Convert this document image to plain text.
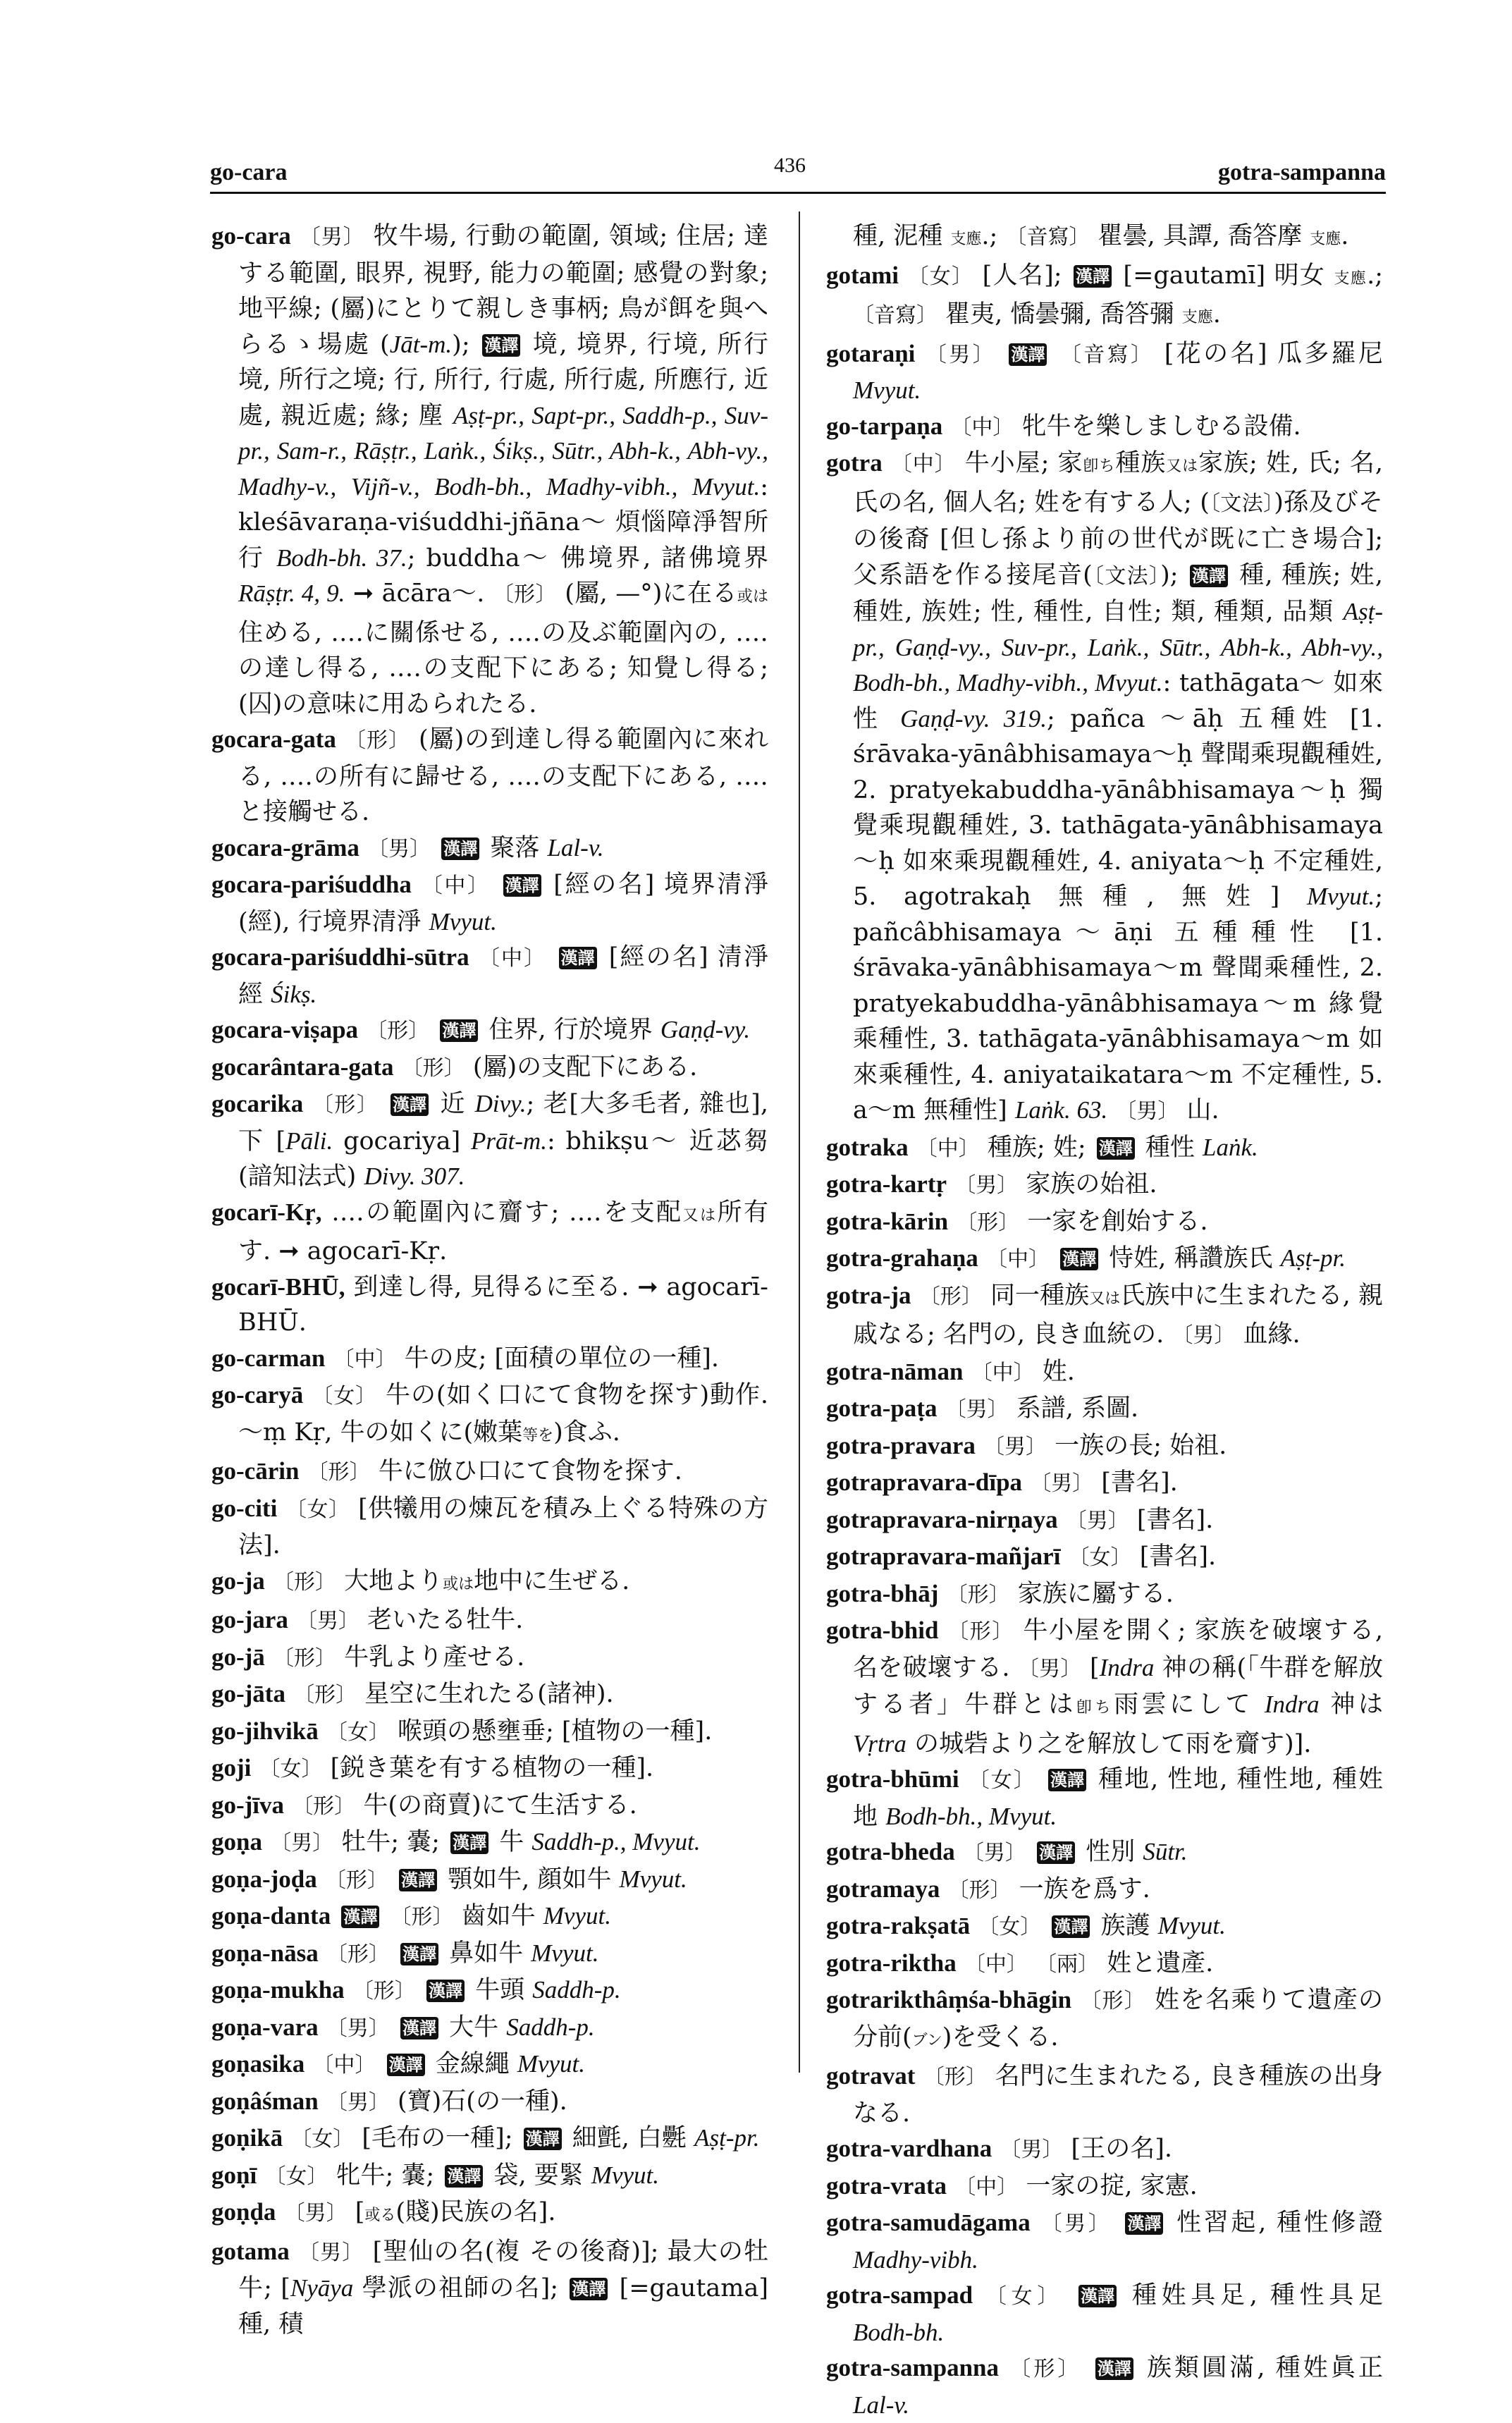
go-cara	436	gotra-sampanna

go-cara 〔男〕 牧牛場, 行動の範圍, 領域; 住居; 達する範圍, 眼界, 視野, 能力の範圍; 感覺の對象; 地平線; (屬)にとりて親しき事柄; 鳥が餌を與へらるゝ場處 (Jāt-m.); 漢譯 境, 境界, 行境, 所行境, 所行之境; 行, 所行, 行處, 所行處, 所應行, 近處, 親近處; 緣; 塵 Aṣṭ-pr., Sapt-pr., Saddh-p., Suv-pr., Sam-r., Rāṣṭr., Laṅk., Śikṣ., Sūtr., Abh-k., Abh-vy., Madhy-v., Vijñ-v., Bodh-bh., Madhy-vibh., Mvyut.: kleśāvaraṇa-viśuddhi-jñāna～ 煩惱障淨智所行 Bodh-bh. 37.; buddha～ 佛境界, 諸佛境界 Rāṣṭr. 4, 9. ➞ ācāra～. 〔形〕 (屬, —°)に在る或は住める, ‥‥に關係せる, ‥‥の及ぶ範圍內の, ‥‥の達し得る, ‥‥の支配下にある; 知覺し得る; (囚)の意味に用ゐられたる.

gocara-gata 〔形〕 (屬)の到達し得る範圍內に來れる, ‥‥の所有に歸せる, ‥‥の支配下にある, ‥‥と接觸せる.

gocara-grāma 〔男〕 漢譯 聚落 Lal-v.

gocara-pariśuddha 〔中〕 漢譯 [經の名] 境界清淨(經), 行境界清淨 Mvyut.

gocara-pariśuddhi-sūtra 〔中〕 漢譯 [經の名] 清淨經 Śikṣ.

gocara-viṣapa 〔形〕 漢譯 住界, 行於境界 Gaṇḍ-vy.

gocarântara-gata 〔形〕 (屬)の支配下にある.

gocarika 〔形〕 漢譯 近 Divy.; 老[大多毛者, 雜也], 下 [Pāli. gocariya] Prāt-m.: bhikṣu～ 近苾芻 (諳知法式) Divy. 307.

gocarī-Kṛ, ‥‥の範圍內に齎す; ‥‥を支配又は所有す. ➞ agocarī-Kṛ.

gocarī-BHŪ, 到達し得, 見得るに至る. ➞ agocarī-BHŪ.

go-carman 〔中〕 牛の皮; [面積の單位の一種].

go-caryā 〔女〕 牛の(如く口にて食物を探す)動作. ～ṃ Kṛ, 牛の如くに(嫩葉等を)食ふ.

go-cārin 〔形〕 牛に倣ひ口にて食物を探す.

go-citi 〔女〕 [供犧用の煉瓦を積み上ぐる特殊の方法].

go-ja 〔形〕 大地より或は地中に生ぜる.

go-jara 〔男〕 老いたる牡牛.

go-jā 〔形〕 牛乳より產せる.

go-jāta 〔形〕 星空に生れたる(諸神).

go-jihvikā 〔女〕 喉頭の懸壅垂; [植物の一種].

goji 〔女〕 [鋭き葉を有する植物の一種].

go-jīva 〔形〕 牛(の商賣)にて生活する.

goṇa 〔男〕 牡牛; 嚢; 漢譯 牛 Saddh-p., Mvyut.

goṇa-joḍa 〔形〕 漢譯 顎如牛, 顔如牛 Mvyut.

goṇa-danta 漢譯 〔形〕 齒如牛 Mvyut.

goṇa-nāsa 〔形〕 漢譯 鼻如牛 Mvyut.

goṇa-mukha 〔形〕 漢譯 牛頭 Saddh-p.

goṇa-vara 〔男〕 漢譯 大牛 Saddh-p.

goṇasika 〔中〕 漢譯 金線繩 Mvyut.

goṇâśman 〔男〕 (寶)石(の一種).

goṇikā 〔女〕 [毛布の一種]; 漢譯 細氈, 白氎 Aṣṭ-pr.

goṇī 〔女〕 牝牛; 嚢; 漢譯 袋, 要緊 Mvyut.

goṇḍa 〔男〕 [或る(賤)民族の名].

gotama 〔男〕 [聖仙の名(複 その後裔)]; 最大の牡牛; [Nyāya 學派の祖師の名]; 漢譯 [=gautama] 種, 積

種, 泥種 支應.; 〔音寫〕 瞿曇, 具譚, 喬答摩 支應.

gotami 〔女〕 [人名]; 漢譯 [=gautamī] 明女 支應.; 〔音寫〕 瞿夷, 憍曇彌, 喬答彌 支應.

gotaraṇi 〔男〕 漢譯 〔音寫〕 [花の名] 瓜多羅尼 Mvyut.

go-tarpaṇa 〔中〕 牝牛を樂しましむる設備.

gotra 〔中〕 牛小屋; 家卽ち種族又は家族; 姓, 氏; 名, 氏の名, 個人名; 姓を有する人; (〔文法〕)孫及びその後裔 [但し孫より前の世代が既に亡き場合]; 父系語を作る接尾音(〔文法〕); 漢譯 種, 種族; 姓, 種姓, 族姓; 性, 種性, 自性; 類, 種類, 品類 Aṣṭ-pr., Gaṇḍ-vy., Suv-pr., Laṅk., Sūtr., Abh-k., Abh-vy., Bodh-bh., Madhy-vibh., Mvyut.: tathāgata～ 如來性 Gaṇḍ-vy. 319.; pañca ～āḥ 五種姓 [1. śrāvaka-yānâbhisamaya～ḥ 聲聞乘現觀種姓, 2. pratyekabuddha-yānâbhisamaya～ḥ 獨覺乘現觀種姓, 3. tathāgata-yānâbhisamaya～ḥ 如來乘現觀種姓, 4. aniyata～ḥ 不定種姓, 5. agotrakaḥ 無種, 無姓] Mvyut.; pañcâbhisamaya～āṇi 五種種性 [1. śrāvaka-yānâbhisamaya～m 聲聞乘種性, 2. pratyekabuddha-yānâbhisamaya～m 緣覺乘種性, 3. tathāgata-yānâbhisamaya～m 如來乘種性, 4. aniyataikatara～m 不定種性, 5. a～m 無種性] Laṅk. 63. 〔男〕 山.

gotraka 〔中〕 種族; 姓; 漢譯 種性 Laṅk.

gotra-kartṛ 〔男〕 家族の始祖.

gotra-kārin 〔形〕 一家を創始する.

gotra-grahaṇa 〔中〕 漢譯 恃姓, 稱讚族氏 Aṣṭ-pr.

gotra-ja 〔形〕 同一種族又は氏族中に生まれたる, 親戚なる; 名門の, 良き血統の. 〔男〕 血緣.

gotra-nāman 〔中〕 姓.

gotra-paṭa 〔男〕 系譜, 系圖.

gotra-pravara 〔男〕 一族の長; 始祖.

gotrapravara-dīpa 〔男〕 [書名].

gotrapravara-nirṇaya 〔男〕 [書名].

gotrapravara-mañjarī 〔女〕 [書名].

gotra-bhāj 〔形〕 家族に屬する.

gotra-bhid 〔形〕 牛小屋を開く; 家族を破壞する, 名を破壞する. 〔男〕 [Indra 神の稱(「牛群を解放する者」牛群とは卽ち雨雲にして Indra 神は Vṛtra の城砦より之を解放して雨を齎す)].

gotra-bhūmi 〔女〕 漢譯 種地, 性地, 種性地, 種姓地 Bodh-bh., Mvyut.

gotra-bheda 〔男〕 漢譯 性別 Sūtr.

gotramaya 〔形〕 一族を爲す.

gotra-rakṣatā 〔女〕 漢譯 族護 Mvyut.

gotra-riktha 〔中〕 〔兩〕 姓と遺產.

gotrarikthâṃśa-bhāgin 〔形〕 姓を名乘りて遺產の分前(ブン)を受くる.

gotravat 〔形〕 名門に生まれたる, 良き種族の出身なる.

gotra-vardhana 〔男〕 [王の名].

gotra-vrata 〔中〕 一家の掟, 家憲.

gotra-samudāgama 〔男〕 漢譯 性習起, 種性修證 Madhy-vibh.

gotra-sampad 〔女〕 漢譯 種姓具足, 種性具足 Bodh-bh.

gotra-sampanna 〔形〕 漢譯 族類圓滿, 種姓眞正 Lal-v.
